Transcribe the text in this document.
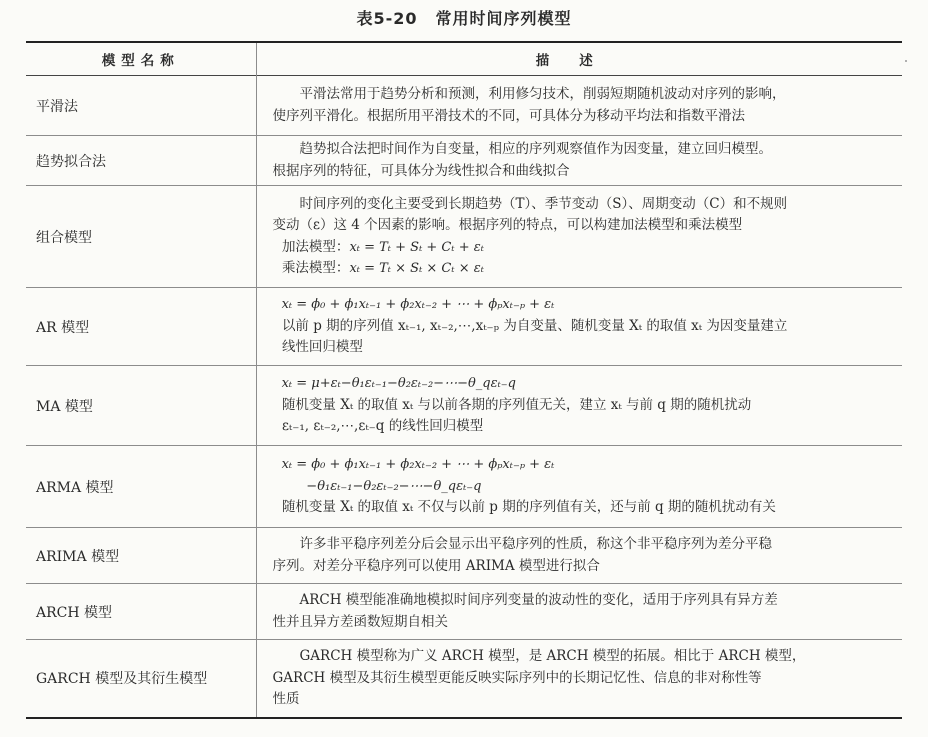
表5-20 常用时间序列模型
模型名称	描述
平滑法	平滑法常用于趋势分析和预测，利用修匀技术，削弱短期随机波动对序列的影响，
使序列平滑化。根据所用平滑技术的不同，可具体分为移动平均法和指数平滑法

趋势拟合法	趋势拟合法把时间作为自变量，相应的序列观察值作为因变量，建立回归模型。
根据序列的特征，可具体分为线性拟合和曲线拟合

组合模型	时间序列的变化主要受到长期趋势（T）、季节变动（S）、周期变动（C）和不规则
变动（ε）这 4 个因素的影响。根据序列的特点，可以构建加法模型和乘法模型
加法模型：xₜ = Tₜ + Sₜ + Cₜ + εₜ
乘法模型：xₜ = Tₜ × Sₜ × Cₜ × εₜ

AR 模型	xₜ = ϕ₀ + ϕ₁xₜ₋₁ + ϕ₂xₜ₋₂ + ⋯ + ϕₚxₜ₋ₚ + εₜ
以前 p 期的序列值 xₜ₋₁, xₜ₋₂,⋯,xₜ₋ₚ 为自变量、随机变量 Xₜ 的取值 xₜ 为因变量建立
线性回归模型

MA 模型	xₜ = μ+εₜ−θ₁εₜ₋₁−θ₂εₜ₋₂−⋯−θ_qεₜ₋q
随机变量 Xₜ 的取值 xₜ 与以前各期的序列值无关，建立 xₜ 与前 q 期的随机扰动
εₜ₋₁, εₜ₋₂,⋯,εₜ₋q 的线性回归模型

ARMA 模型	xₜ = ϕ₀ + ϕ₁xₜ₋₁ + ϕ₂xₜ₋₂ + ⋯ + ϕₚxₜ₋ₚ + εₜ
−θ₁εₜ₋₁−θ₂εₜ₋₂−⋯−θ_qεₜ₋q
随机变量 Xₜ 的取值 xₜ 不仅与以前 p 期的序列值有关，还与前 q 期的随机扰动有关

ARIMA 模型	许多非平稳序列差分后会显示出平稳序列的性质，称这个非平稳序列为差分平稳
序列。对差分平稳序列可以使用 ARIMA 模型进行拟合

ARCH 模型	ARCH 模型能准确地模拟时间序列变量的波动性的变化，适用于序列具有异方差
性并且异方差函数短期自相关

GARCH 模型及其衍生模型	GARCH 模型称为广义 ARCH 模型，是 ARCH 模型的拓展。相比于 ARCH 模型，
GARCH 模型及其衍生模型更能反映实际序列中的长期记忆性、信息的非对称性等
性质
